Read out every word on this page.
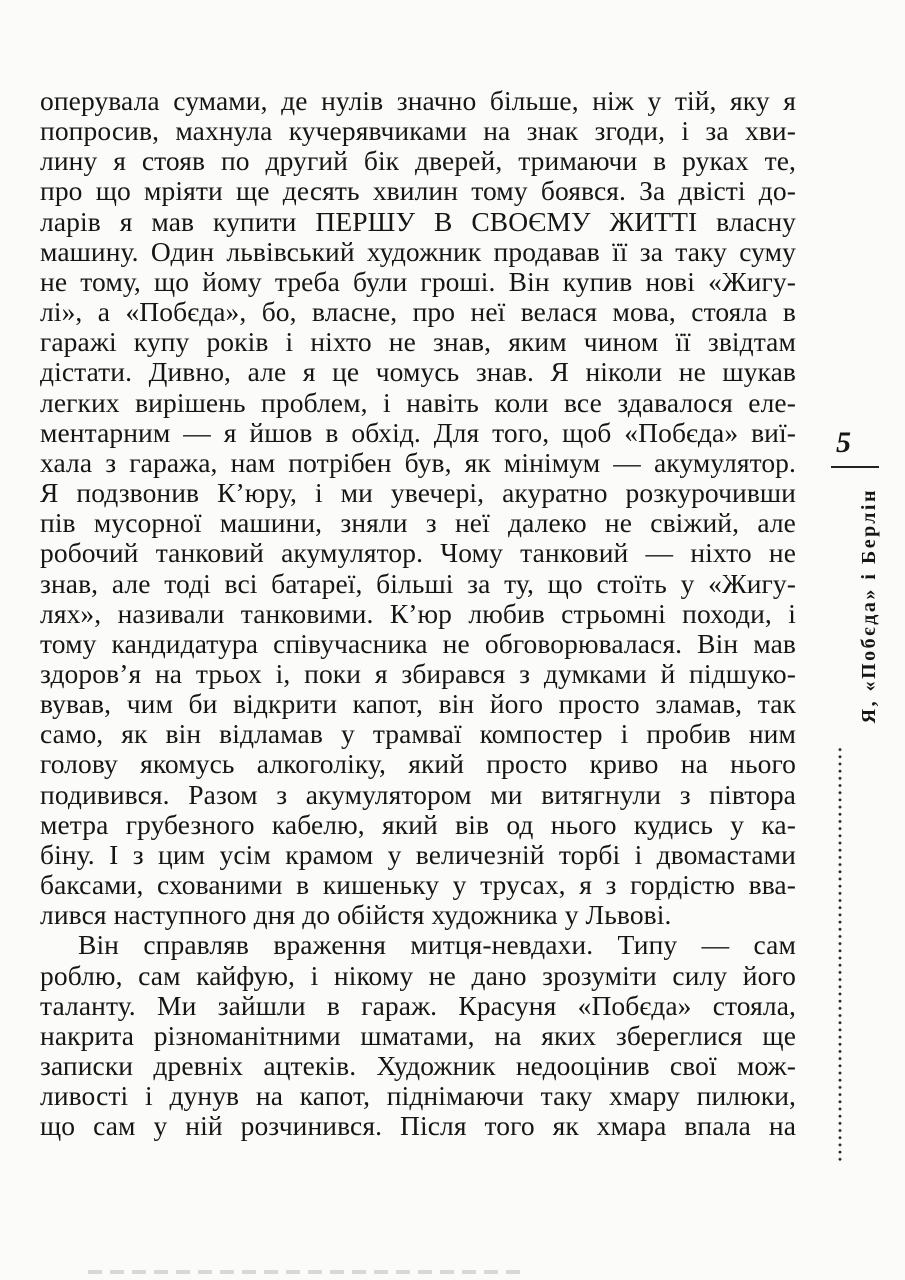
оперувала сумами, де нулів значно більше, ніж у тій, яку я
попросив, махнула кучерявчиками на знак згоди, і за хви-
лину я стояв по другий бік дверей, тримаючи в руках те,
про що мріяти ще десять хвилин тому боявся. За двісті до-
ларів я мав купити ПЕРШУ В СВОЄМУ ЖИТТІ власну
машину. Один львівський художник продавав її за таку суму
не тому, що йому треба були гроші. Він купив нові «Жигу-
лі», а «Побєда», бо, власне, про неї велася мова, стояла в
гаражі купу років і ніхто не знав, яким чином її звідтам
дістати. Дивно, але я це чомусь знав. Я ніколи не шукав
легких вирішень проблем, і навіть коли все здавалося еле-
ментарним — я йшов в обхід. Для того, щоб «Побєда» виї-
хала з гаража, нам потрібен був, як мінімум — акумулятор.
Я подзвонив К’юру, і ми увечері, акуратно розкурочивши
пів мусорної машини, зняли з неї далеко не свіжий, але
робочий танковий акумулятор. Чому танковий — ніхто не
знав, але тоді всі батареї, більші за ту, що стоїть у «Жигу-
лях», називали танковими. К’юр любив стрьомні походи, і
тому кандидатура співучасника не обговорювалася. Він мав
здоров’я на трьох і, поки я збирався з думками й підшуко-
вував, чим би відкрити капот, він його просто зламав, так
само, як він відламав у трамваї компостер і пробив ним
голову якомусь алкоголіку, який просто криво на нього
подивився. Разом з акумулятором ми витягнули з півтора
метра грубезного кабелю, який вів од нього кудись у ка-
біну. І з цим усім крамом у величезній торбі і двомастами
баксами, схованими в кишеньку у трусах, я з гордістю вва-
лився наступного дня до обійстя художника у Львові.
Він справляв враження митця-невдахи. Типу — сам
роблю, сам кайфую, і нікому не дано зрозуміти силу його
таланту. Ми зайшли в гараж. Красуня «Побєда» стояла,
накрита різноманітними шматами, на яких збереглися ще
записки древніх ацтеків. Художник недооцінив свої мож-
ливості і дунув на капот, піднімаючи таку хмару пилюки,
що сам у ній розчинився. Після того як хмара впала на
5
Я, «Побєда» і Берлін
